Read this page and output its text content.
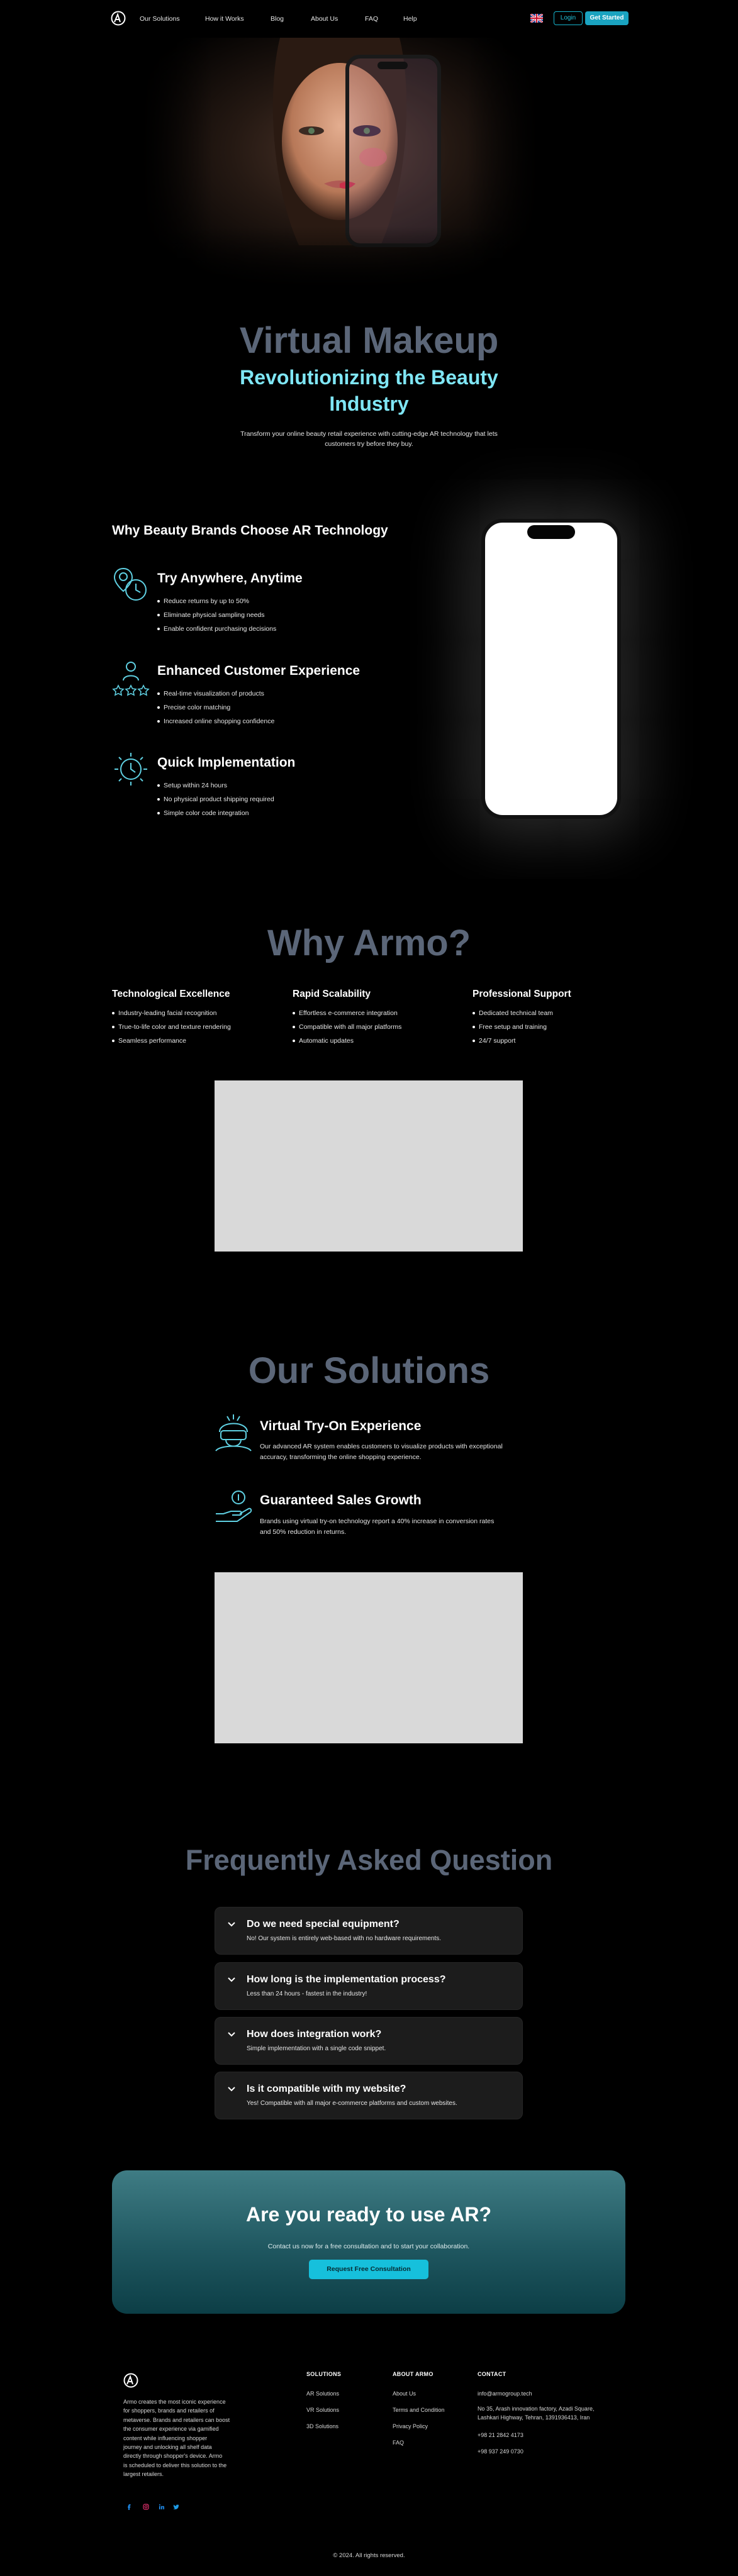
Our Solutions	How it Works	Blog	About Us	FAQ	Help	Login	Get Started
Virtual Makeup
Revolutionizing the Beauty
Industry
Transform your online beauty retail experience with cutting-edge AR technology that lets
customers try before they buy.
Why Beauty Brands Choose AR Technology
Try Anywhere, Anytime
Reduce returns by up to 50%
Eliminate physical sampling needs
Enable confident purchasing decisions
Enhanced Customer Experience
Real-time visualization of products
Precise color matching
Increased online shopping confidence
Quick Implementation
Setup within 24 hours
No physical product shipping required
Simple color code integration
Why Armo?
Technological Excellence
Industry-leading facial recognition
True-to-life color and texture rendering
Seamless performance
Rapid Scalability
Effortless e-commerce integration
Compatible with all major platforms
Automatic updates
Professional Support
Dedicated technical team
Free setup and training
24/7 support
Our Solutions
Virtual Try-On Experience
Our advanced AR system enables customers to visualize products with exceptional
accuracy, transforming the online shopping experience.
Guaranteed Sales Growth
Brands using virtual try-on technology report a 40% increase in conversion rates
and 50% reduction in returns.
Frequently Asked Question
Do we need special equipment?
No! Our system is entirely web-based with no hardware requirements.
How long is the implementation process?
Less than 24 hours - fastest in the industry!
How does integration work?
Simple implementation with a single code snippet.
Is it compatible with my website?
Yes! Compatible with all major e-commerce platforms and custom websites.
Are you ready to use AR?
Contact us now for a free consultation and to start your collaboration.
Request Free Consultation
Armo creates the most iconic experience
for shoppers, brands and retailers of
metaverse. Brands and retailers can boost
the consumer experience via gamified
content while influencing shopper
journey and unlocking all shelf data
directly through shopper's device. Armo
is scheduled to deliver this solution to the
largest retailers.
SOLUTIONS
AR Solutions
VR Solutions
3D Solutions
ABOUT ARMO
About Us
Terms and Condition
Privacy Policy
FAQ
CONTACT
info@armogroup.tech
No 35, Arash innovation factory, Azadi Square,
Lashkari Highway, Tehran, 1391936413, Iran
+98 21 2842 4173
+98 937 249 0730
© 2024. All rights reserved.
